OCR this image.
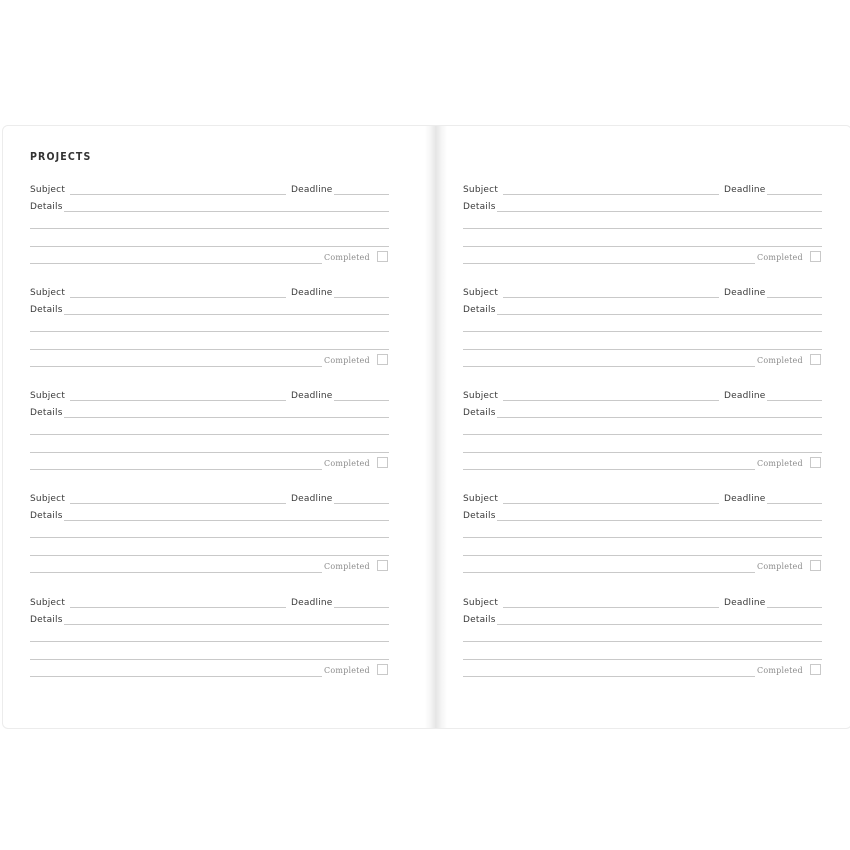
PROJECTS
Subject	Deadline
Details
Completed
Subject	Deadline
Details
Completed
Subject	Deadline
Details
Completed
Subject	Deadline
Details
Completed
Subject	Deadline
Details
Completed
Subject	Deadline
Details
Completed
Subject	Deadline
Details
Completed
Subject	Deadline
Details
Completed
Subject	Deadline
Details
Completed
Subject	Deadline
Details
Completed
